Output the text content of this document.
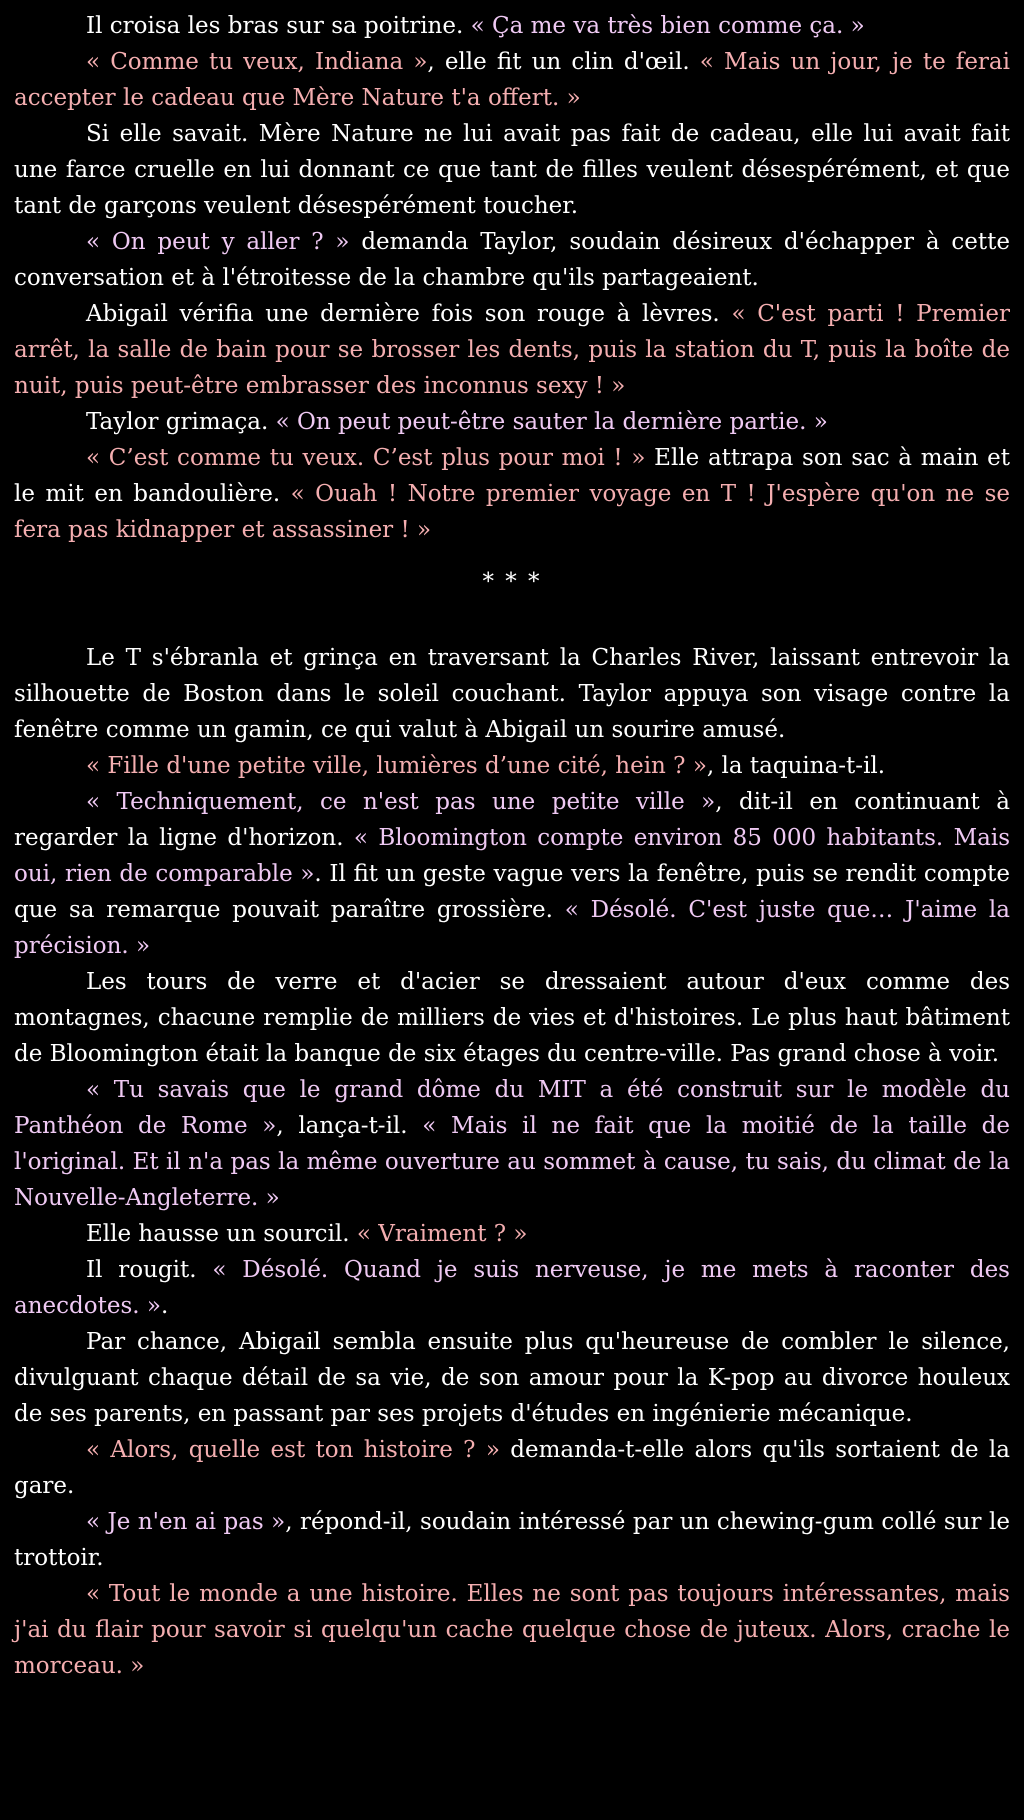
Il croisa les bras sur sa poitrine. « Ça me va très bien comme ça. »

« Comme tu veux, Indiana », elle fit un clin d'œil. « Mais un jour, je te ferai accepter le cadeau que Mère Nature t'a offert. »

Si elle savait. Mère Nature ne lui avait pas fait de cadeau, elle lui avait fait une farce cruelle en lui donnant ce que tant de filles veulent désespérément, et que tant de garçons veulent désespérément toucher.

« On peut y aller ? » demanda Taylor, soudain désireux d'échapper à cette conversation et à l'étroitesse de la chambre qu'ils partageaient.

Abigail vérifia une dernière fois son rouge à lèvres. « C'est parti ! Premier arrêt, la salle de bain pour se brosser les dents, puis la station du T, puis la boîte de nuit, puis peut-être embrasser des inconnus sexy ! »

Taylor grimaça. « On peut peut-être sauter la dernière partie. »

« C’est comme tu veux. C’est plus pour moi ! » Elle attrapa son sac à main et le mit en bandoulière. « Ouah ! Notre premier voyage en T ! J'espère qu'on ne se fera pas kidnapper et assassiner ! »

* * *

Le T s'ébranla et grinça en traversant la Charles River, laissant entrevoir la silhouette de Boston dans le soleil couchant. Taylor appuya son visage contre la fenêtre comme un gamin, ce qui valut à Abigail un sourire amusé.

« Fille d'une petite ville, lumières d’une cité, hein ? », la taquina-t-il.

« Techniquement, ce n'est pas une petite ville », dit-il en continuant à regarder la ligne d'horizon. « Bloomington compte environ 85 000 habitants. Mais oui, rien de comparable ». Il fit un geste vague vers la fenêtre, puis se rendit compte que sa remarque pouvait paraître grossière. « Désolé. C'est juste que… J'aime la précision. »

Les tours de verre et d'acier se dressaient autour d'eux comme des montagnes, chacune remplie de milliers de vies et d'histoires. Le plus haut bâtiment de Bloomington était la banque de six étages du centre-ville. Pas grand chose à voir.

« Tu savais que le grand dôme du MIT a été construit sur le modèle du Panthéon de Rome », lança-t-il. « Mais il ne fait que la moitié de la taille de l'original. Et il n'a pas la même ouverture au sommet à cause, tu sais, du climat de la Nouvelle-Angleterre. »

Elle hausse un sourcil. « Vraiment ? »

Il rougit. « Désolé. Quand je suis nerveuse, je me mets à raconter des anecdotes. ».

Par chance, Abigail sembla ensuite plus qu'heureuse de combler le silence, divulguant chaque détail de sa vie, de son amour pour la K-pop au divorce houleux de ses parents, en passant par ses projets d'études en ingénierie mécanique.

« Alors, quelle est ton histoire ? » demanda-t-elle alors qu'ils sortaient de la gare.

« Je n'en ai pas », répond-il, soudain intéressé par un chewing-gum collé sur le trottoir.

« Tout le monde a une histoire. Elles ne sont pas toujours intéressantes, mais j'ai du flair pour savoir si quelqu'un cache quelque chose de juteux. Alors, crache le morceau. »
